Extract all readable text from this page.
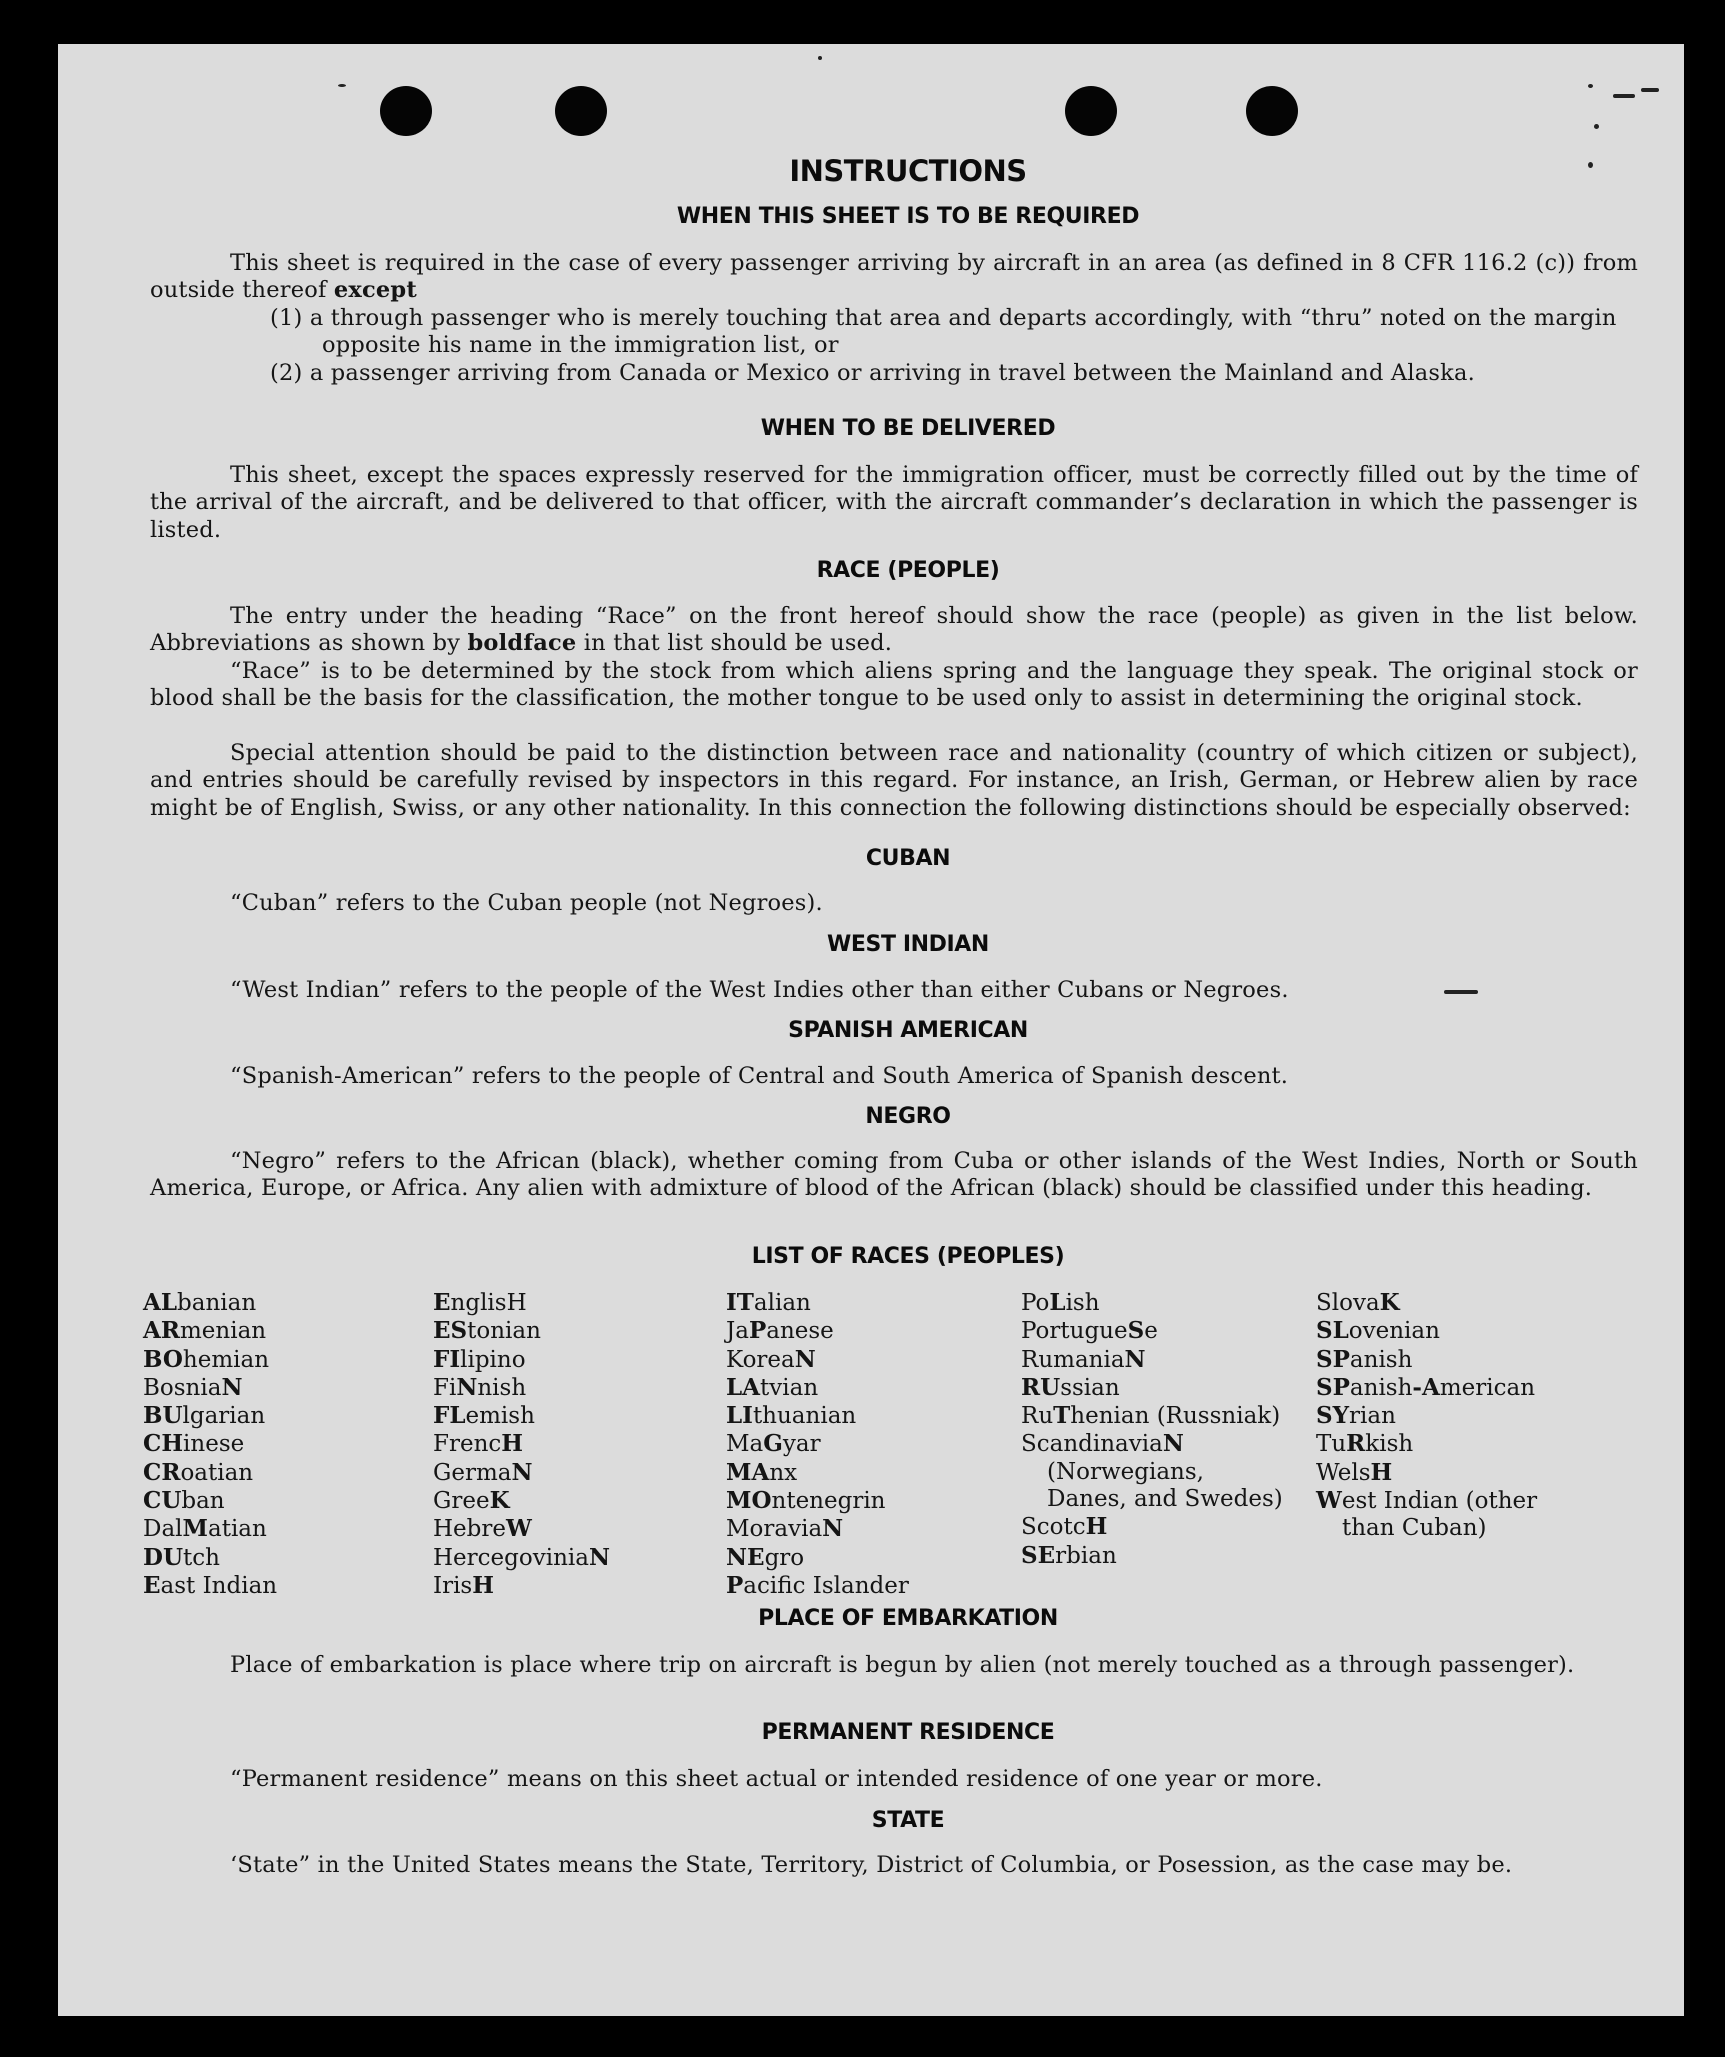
INSTRUCTIONS
WHEN THIS SHEET IS TO BE REQUIRED

This sheet is required in the case of every passenger arriving by aircraft in an area (as defined in 8 CFR 116.2 (c)) from outside thereof except

(1) a through passenger who is merely touching that area and departs accordingly, with “thru” noted on the margin opposite his name in the immigration list, or

(2) a passenger arriving from Canada or Mexico or arriving in travel between the Mainland and Alaska.

WHEN TO BE DELIVERED

This sheet, except the spaces expressly reserved for the immigration officer, must be correctly filled out by the time of the arrival of the aircraft, and be delivered to that officer, with the aircraft commander’s declaration in which the passenger is listed.

RACE (PEOPLE)

The entry under the heading “Race” on the front hereof should show the race (people) as given in the list below. Abbreviations as shown by boldface in that list should be used.

“Race” is to be determined by the stock from which aliens spring and the language they speak. The original stock or blood shall be the basis for the classification, the mother tongue to be used only to assist in determining the original stock.

Special attention should be paid to the distinction between race and nationality (country of which citizen or subject), and entries should be carefully revised by inspectors in this regard. For instance, an Irish, German, or Hebrew alien by race might be of English, Swiss, or any other nationality. In this connection the following distinctions should be especially observed:

CUBAN

“Cuban” refers to the Cuban people (not Negroes).

WEST INDIAN

“West Indian” refers to the people of the West Indies other than either Cubans or Negroes.

SPANISH AMERICAN

“Spanish-American” refers to the people of Central and South America of Spanish descent.

NEGRO

“Negro” refers to the African (black), whether coming from Cuba or other islands of the West Indies, North or South America, Europe, or Africa. Any alien with admixture of blood of the African (black) should be classified under this heading.

LIST OF RACES (PEOPLES)

ALbanian

ARmenian

BOhemian

BosniaN

BUlgarian

CHinese

CRoatian

CUban

DalMatian

DUtch

East Indian

EnglisH

EStonian

FIlipino

FiNnish

FLemish

FrencH

GermaN

GreeK

HebreW

HercegoviniaN

IrisH

ITalian

JaPanese

KoreaN

LAtvian

LIthuanian

MaGyar

MAnx

MOntenegrin

MoraviaN

NEgro

Pacific Islander

PoLish

PortugueSe

RumaniaN

RUssian

RuThenian (Russniak)

ScandinaviaN (Norwegians, Danes, and Swedes)

ScotcH

SErbian

SlovaK

SLovenian

SPanish

SPanish-American

SYrian

TuRkish

WelsH

West Indian (other than Cuban)

PLACE OF EMBARKATION

Place of embarkation is place where trip on aircraft is begun by alien (not merely touched as a through passenger).

PERMANENT RESIDENCE

“Permanent residence” means on this sheet actual or intended residence of one year or more.

STATE

‘State” in the United States means the State, Territory, District of Columbia, or Posession, as the case may be.
